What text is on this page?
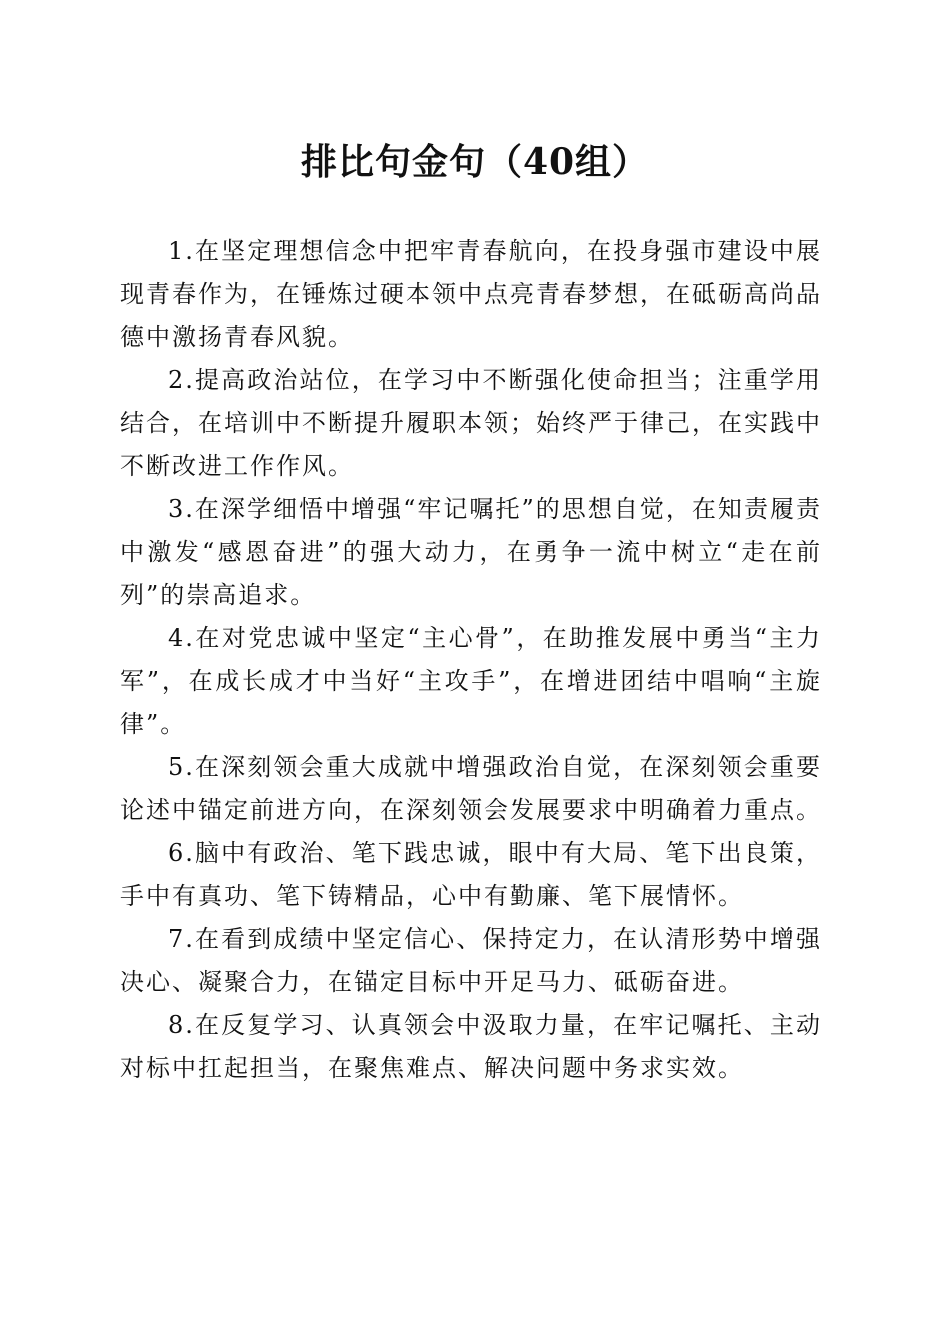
排比句金句（40组）

1.在坚定理想信念中把牢青春航向，在投身强市建设中展现青春作为，在锤炼过硬本领中点亮青春梦想，在砥砺高尚品德中激扬青春风貌。

2.提高政治站位，在学习中不断强化使命担当；注重学用结合，在培训中不断提升履职本领；始终严于律己，在实践中不断改进工作作风。

3.在深学细悟中增强“牢记嘱托”的思想自觉，在知责履责中激发“感恩奋进”的强大动力，在勇争一流中树立“走在前列”的崇高追求。

4.在对党忠诚中坚定“主心骨”，在助推发展中勇当“主力军”，在成长成才中当好“主攻手”，在增进团结中唱响“主旋律”。

5.在深刻领会重大成就中增强政治自觉，在深刻领会重要论述中锚定前进方向，在深刻领会发展要求中明确着力重点。

6.脑中有政治、笔下践忠诚，眼中有大局、笔下出良策，手中有真功、笔下铸精品，心中有勤廉、笔下展情怀。

7.在看到成绩中坚定信心、保持定力，在认清形势中增强决心、凝聚合力，在锚定目标中开足马力、砥砺奋进。

8.在反复学习、认真领会中汲取力量，在牢记嘱托、主动对标中扛起担当，在聚焦难点、解决问题中务求实效。
